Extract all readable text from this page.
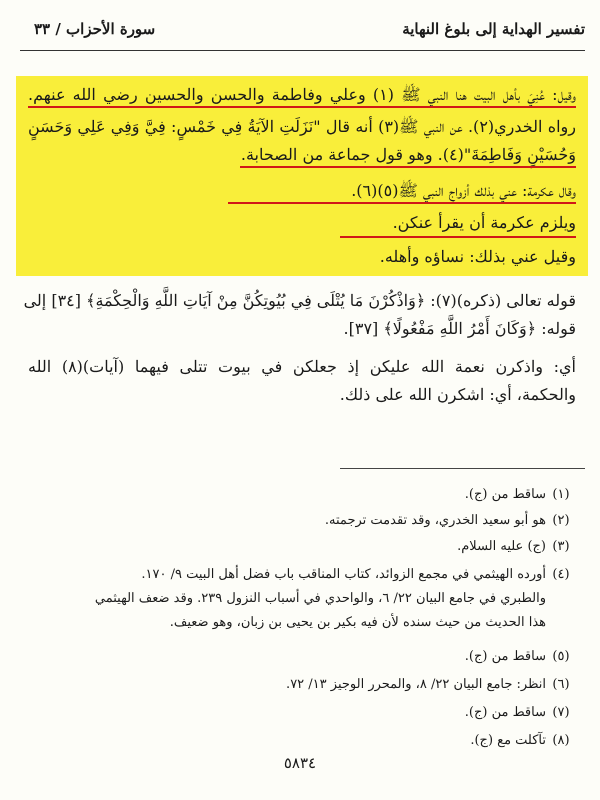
تفسير الهداية إلى بلوغ النهاية
سورة الأحزاب / ٣٣
وقيل: عُنِيَ بأهل البيت هنا النبي ﷺ (١) وعلي وفاطمة والحسن والحسين رضي الله عنهم.
رواه الخدري(٢). عن النبي ﷺ(٣) أنه قال "نَزَلَتِ الآيَةُ فِي خَمْسٍ: فِيَّ وَفِي عَلِي وَحَسَنٍ
وَحُسَيْنٍ وَفَاطِمَةَ"(٤). وهو قول جماعة من الصحابة.
وقال عكرمة: عني بذلك أزواج النبي ﷺ(٥)(٦).
ويلزم عكرمة أن يقرأ عنكن.
وقيل عني بذلك: نساؤه وأهله.
قوله تعالى (ذكره)(٧): ﴿وَاذْكُرْنَ مَا يُتْلَى فِي بُيُوتِكُنَّ مِنْ آيَاتِ اللَّهِ وَالْحِكْمَةِ﴾ [٣٤] إلى
قوله: ﴿وَكَانَ أَمْرُ اللَّهِ مَفْعُولًا﴾ [٣٧].
أي: واذكرن نعمة الله عليكن إذ جعلكن في بيوت تتلى فيهما (آيات)(٨) الله
والحكمة، أي: اشكرن الله على ذلك.
(١)ساقط من (ج).
(٢)هو أبو سعيد الخدري، وقد تقدمت ترجمته.
(٣)(ج) عليه السلام.
(٤)أورده الهيثمي في مجمع الزوائد، كتاب المناقب باب فضل أهل البيت ٩/ ١٧٠.
والطبري في جامع البيان ٢٢/ ٦، والواحدي في أسباب النزول ٢٣٩. وقد ضعف الهيثمي
هذا الحديث من حيث سنده لأن فيه بكير بن يحيى بن زبان، وهو ضعيف.
(٥)ساقط من (ج).
(٦)انظر: جامع البيان ٢٢/ ٨، والمحرر الوجيز ١٣/ ٧٢.
(٧)ساقط من (ج).
(٨)تآكلت مع (ج).
٥٨٣٤
